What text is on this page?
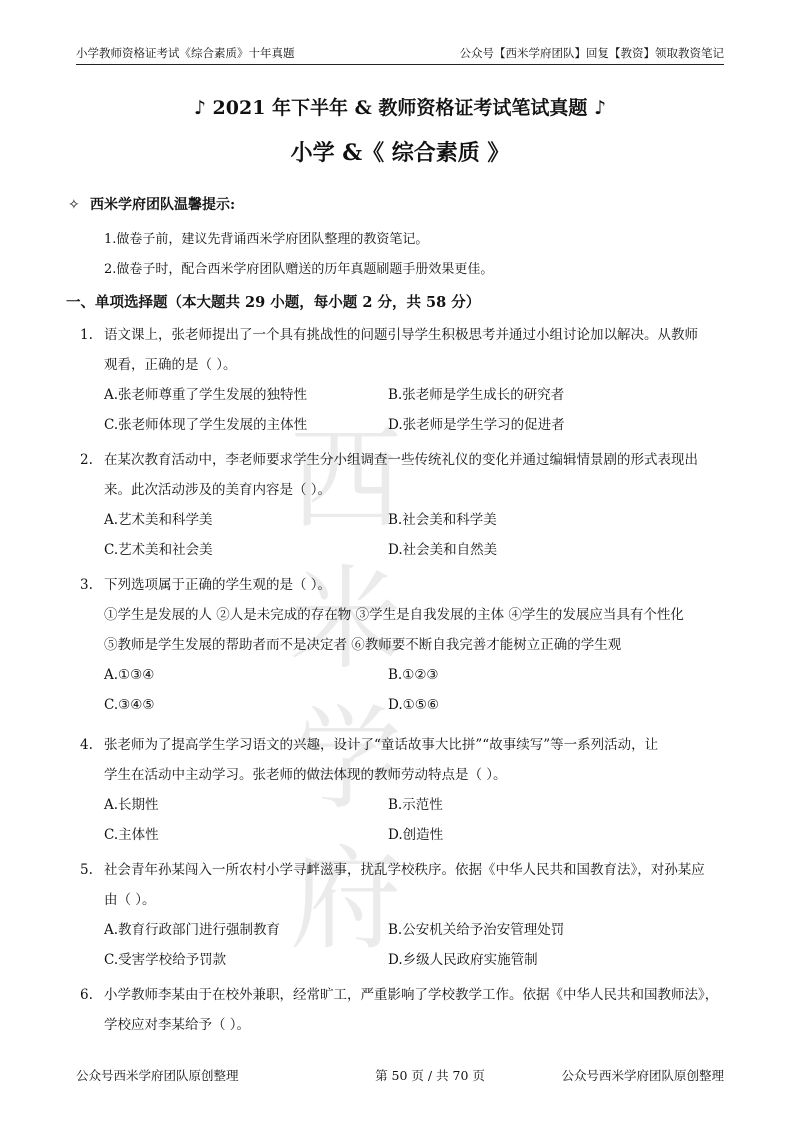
小学教师资格证考试《综合素质》十年真题	公众号【西米学府团队】回复【教资】领取教资笔记
西米学府
♪ 2021 年下半年 & 教师资格证考试笔试真题 ♪
小学 &《 综合素质 》
✧ 西米学府团队温馨提示:
1.做卷子前，建议先背诵西米学府团队整理的教资笔记。
2.做卷子时，配合西米学府团队赠送的历年真题刷题手册效果更佳。
一、单项选择题（本大题共 29 小题，每小题 2 分，共 58 分）
1. 语文课上，张老师提出了一个具有挑战性的问题引导学生积极思考并通过小组讨论加以解决。从教师
观看，正确的是（ ）。
A.张老师尊重了学生发展的独特性	B.张老师是学生成长的研究者
C.张老师体现了学生发展的主体性	D.张老师是学生学习的促进者
2. 在某次教育活动中，李老师要求学生分小组调查一些传统礼仪的变化并通过编辑情景剧的形式表现出
来。此次活动涉及的美育内容是（ ）。
A.艺术美和科学美	B.社会美和科学美
C.艺术美和社会美	D.社会美和自然美
3. 下列选项属于正确的学生观的是（ ）。
①学生是发展的人 ②人是未完成的存在物 ③学生是自我发展的主体 ④学生的发展应当具有个性化
⑤教师是学生发展的帮助者而不是决定者 ⑥教师要不断自我完善才能树立正确的学生观
A.①③④	B.①②③
C.③④⑤	D.①⑤⑥
4. 张老师为了提高学生学习语文的兴趣，设计了“童话故事大比拼”“故事续写”等一系列活动，让
学生在活动中主动学习。张老师的做法体现的教师劳动特点是（ ）。
A.长期性	B.示范性
C.主体性	D.创造性
5. 社会青年孙某闯入一所农村小学寻衅滋事，扰乱学校秩序。依据《中华人民共和国教育法》，对孙某应
由（ ）。
A.教育行政部门进行强制教育	B.公安机关给予治安管理处罚
C.受害学校给予罚款	D.乡级人民政府实施管制
6. 小学教师李某由于在校外兼职，经常旷工，严重影响了学校教学工作。依据《中华人民共和国教师法》，
学校应对李某给予（ ）。
公众号西米学府团队原创整理	第 50 页 / 共 70 页	公众号西米学府团队原创整理
